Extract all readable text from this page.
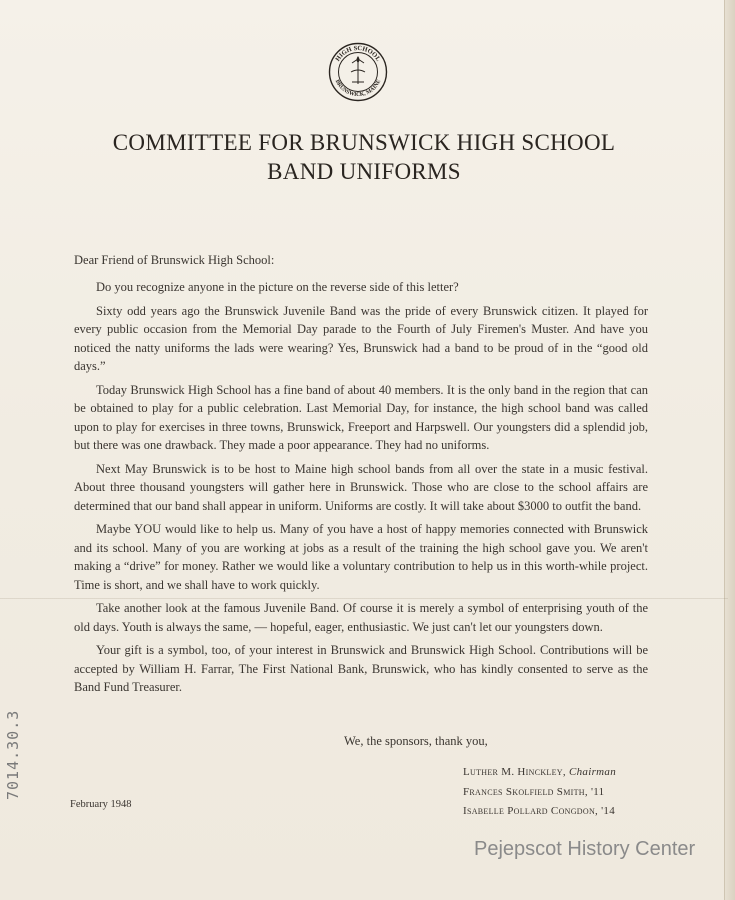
HIGH SCHOOL
BRUNSWICK, MAINE
COMMITTEE FOR BRUNSWICK HIGH SCHOOL
BAND UNIFORMS
Dear Friend of Brunswick High School:

Do you recognize anyone in the picture on the reverse side of this letter?

Sixty odd years ago the Brunswick Juvenile Band was the pride of every Brunswick citizen. It played for every public occasion from the Memorial Day parade to the Fourth of July Firemen's Muster. And have you noticed the natty uniforms the lads were wearing? Yes, Brunswick had a band to be proud of in the “good old days.”

Today Brunswick High School has a fine band of about 40 members. It is the only band in the region that can be obtained to play for a public celebration. Last Memorial Day, for instance, the high school band was called upon to play for exercises in three towns, Brunswick, Freeport and Harpswell. Our youngsters did a splendid job, but there was one drawback. They made a poor appearance. They had no uniforms.

Next May Brunswick is to be host to Maine high school bands from all over the state in a music festival. About three thousand youngsters will gather here in Brunswick. Those who are close to the school affairs are determined that our band shall appear in uniform. Uniforms are costly. It will take about $3000 to outfit the band.

Maybe YOU would like to help us. Many of you have a host of happy memories connected with Brunswick and its school. Many of you are working at jobs as a result of the training the high school gave you. We aren't making a “drive” for money. Rather we would like a voluntary contribution to help us in this worth-while project. Time is short, and we shall have to work quickly.

Take another look at the famous Juvenile Band. Of course it is merely a symbol of enterprising youth of the old days. Youth is always the same, — hopeful, eager, enthusiastic. We just can't let our youngsters down.

Your gift is a symbol, too, of your interest in Brunswick and Brunswick High School. Contributions will be accepted by William H. Farrar, The First National Bank, Brunswick, who has kindly consented to serve as the Band Fund Treasurer.

We, the sponsors, thank you,
Luther M. Hinckley, Chairman
Frances Skolfield Smith, '11
Isabelle Pollard Congdon, '14
February 1948
7014.30.3
Pejepscot History Center
